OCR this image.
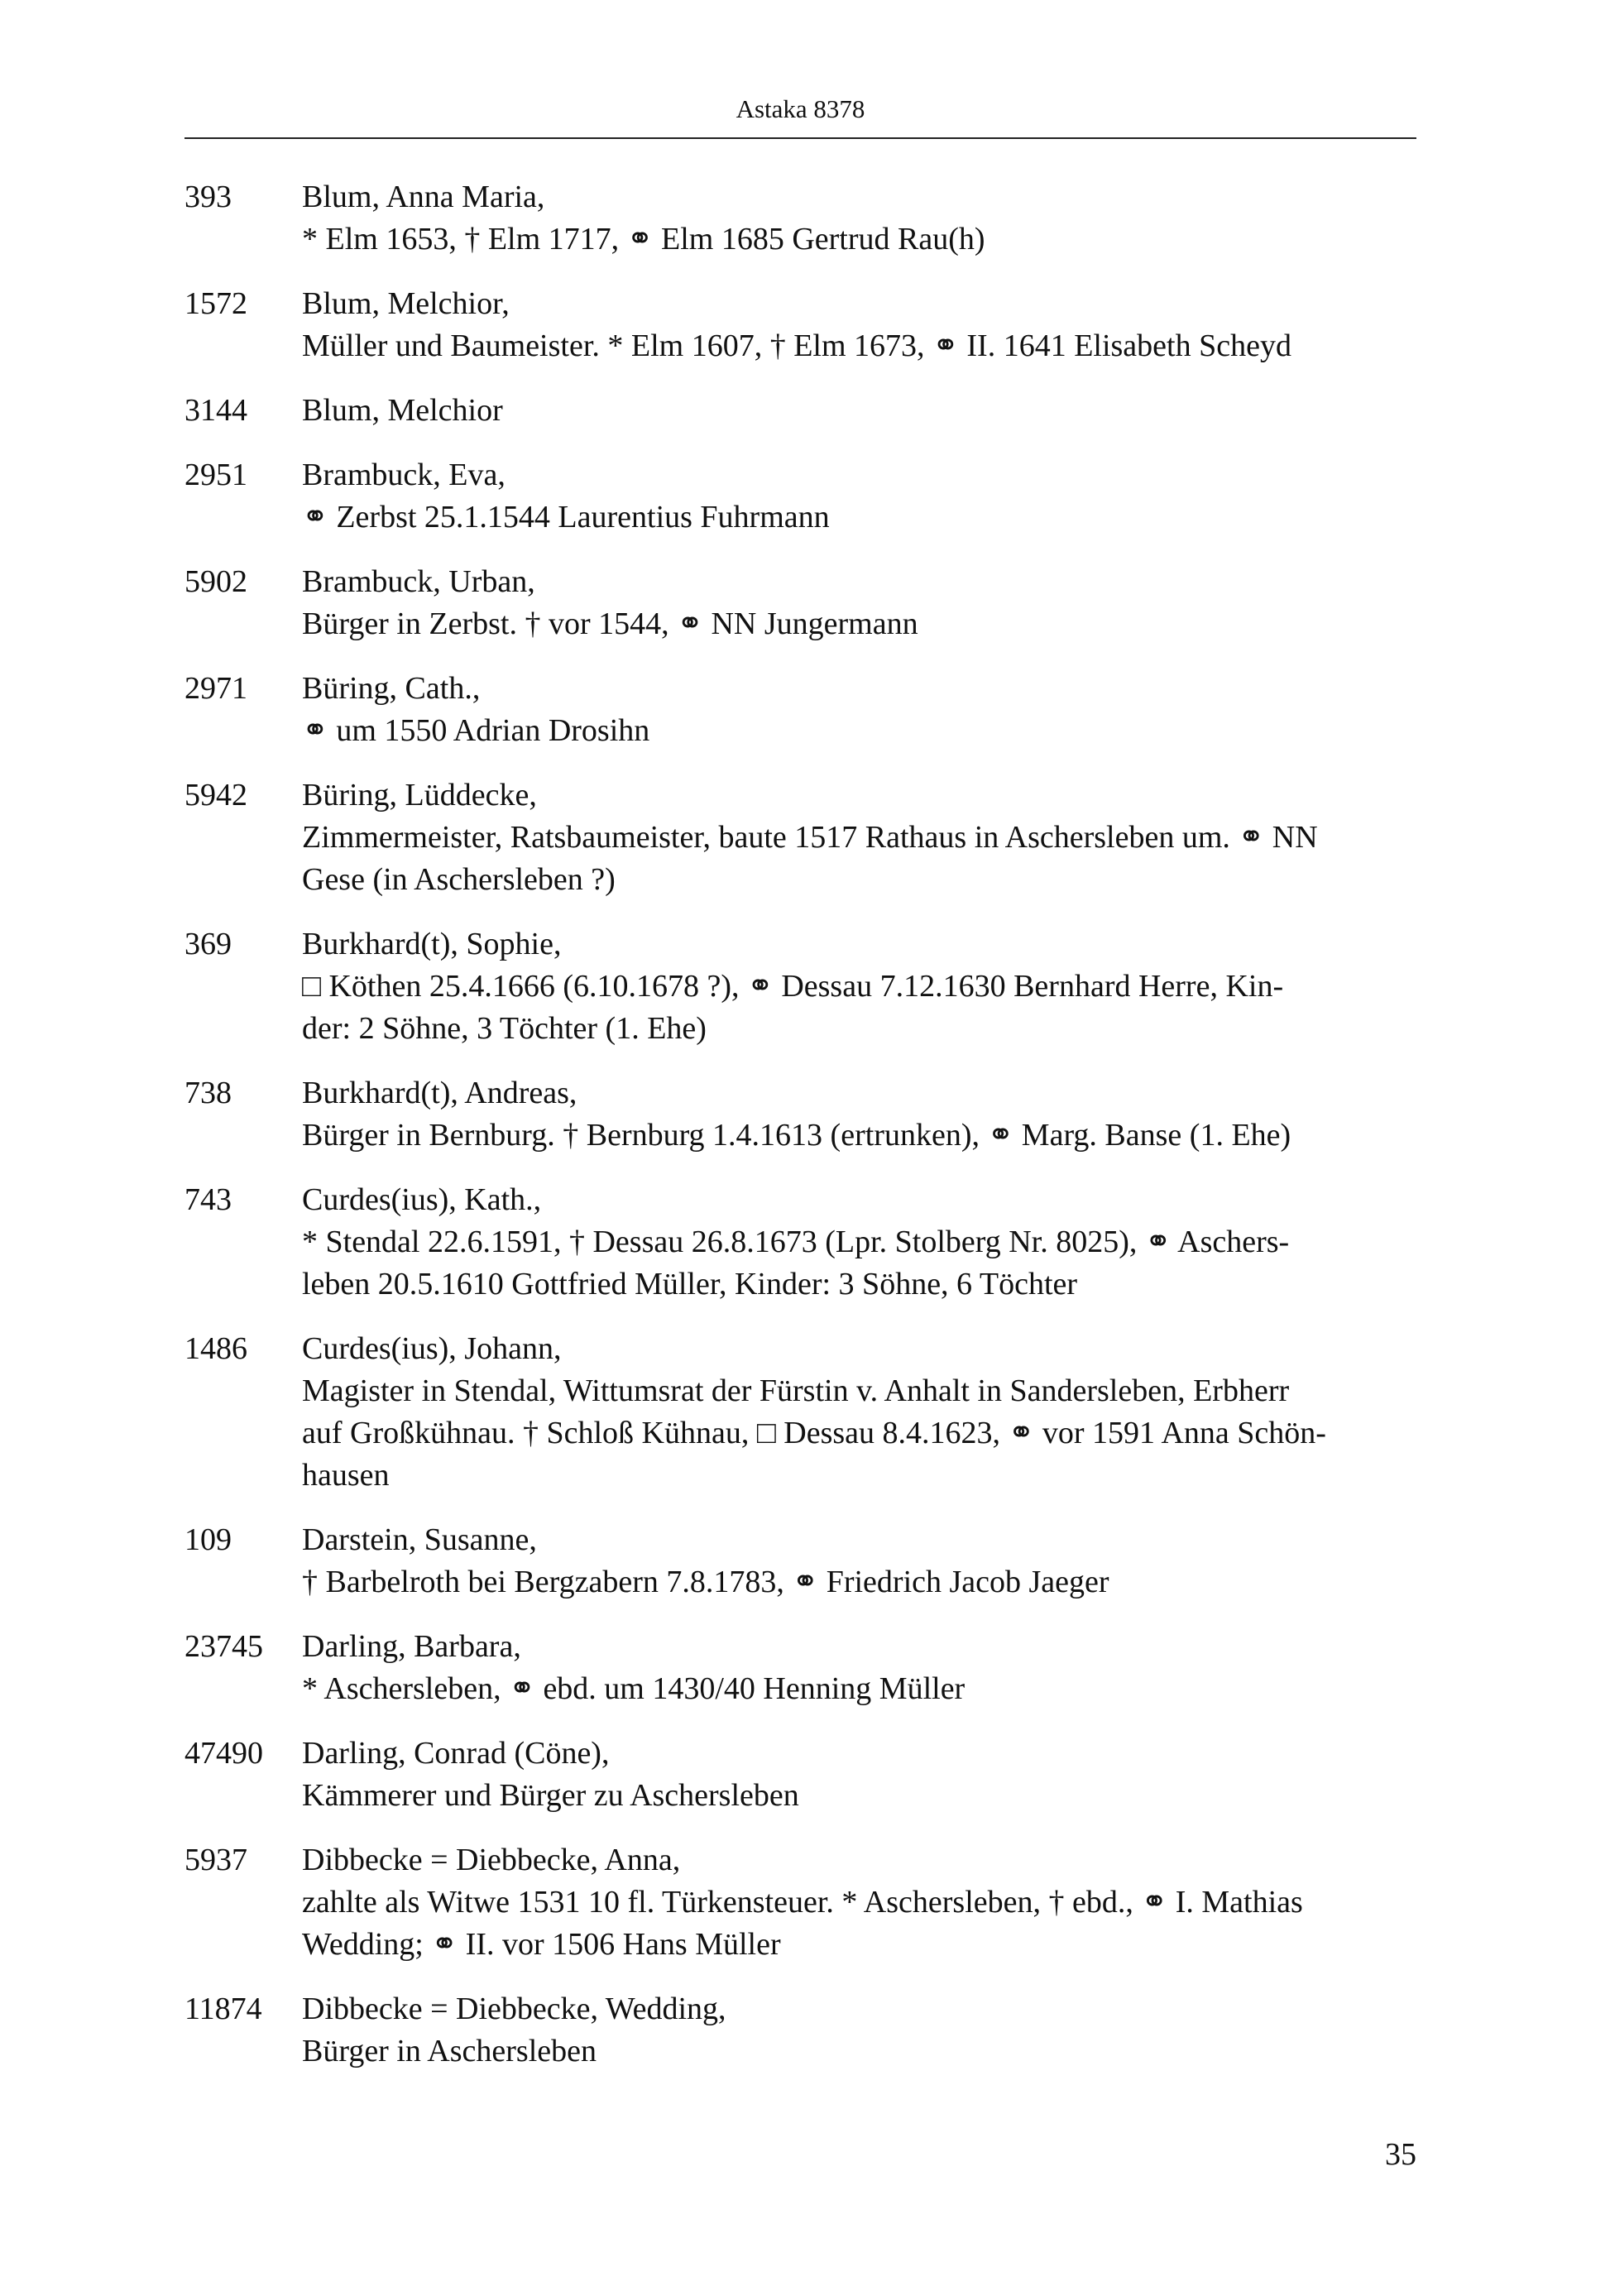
Astaka 8378
393	Blum, Anna Maria,
* Elm 1653, † Elm 1717, ⚭ Elm 1685 Gertrud Rau(h)
1572	Blum, Melchior,
Müller und Baumeister. * Elm 1607, † Elm 1673, ⚭ II. 1641 Elisabeth Scheyd
3144	Blum, Melchior
2951	Brambuck, Eva,
⚭ Zerbst 25.1.1544 Laurentius Fuhrmann
5902	Brambuck, Urban,
Bürger in Zerbst. † vor 1544, ⚭ NN Jungermann
2971	Büring, Cath.,
⚭ um 1550 Adrian Drosihn
5942	Büring, Lüddecke,
Zimmermeister, Ratsbaumeister, baute 1517 Rathaus in Aschersleben um. ⚭ NN
Gese (in Aschersleben ?)
369	Burkhard(t), Sophie,
□ Köthen 25.4.1666 (6.10.1678 ?), ⚭ Dessau 7.12.1630 Bernhard Herre, Kin-
der: 2 Söhne, 3 Töchter (1. Ehe)
738	Burkhard(t), Andreas,
Bürger in Bernburg. † Bernburg 1.4.1613 (ertrunken), ⚭ Marg. Banse (1. Ehe)
743	Curdes(ius), Kath.,
* Stendal 22.6.1591, † Dessau 26.8.1673 (Lpr. Stolberg Nr. 8025), ⚭ Aschers-
leben 20.5.1610 Gottfried Müller, Kinder: 3 Söhne, 6 Töchter
1486	Curdes(ius), Johann,
Magister in Stendal, Wittumsrat der Fürstin v. Anhalt in Sandersleben, Erbherr
auf Großkühnau. † Schloß Kühnau, □ Dessau 8.4.1623, ⚭ vor 1591 Anna Schön-
hausen
109	Darstein, Susanne,
† Barbelroth bei Bergzabern 7.8.1783, ⚭ Friedrich Jacob Jaeger
23745	Darling, Barbara,
* Aschersleben, ⚭ ebd. um 1430/40 Henning Müller
47490	Darling, Conrad (Cöne),
Kämmerer und Bürger zu Aschersleben
5937	Dibbecke = Diebbecke, Anna,
zahlte als Witwe 1531 10 fl. Türkensteuer. * Aschersleben, † ebd., ⚭ I. Mathias
Wedding; ⚭ II. vor 1506 Hans Müller
11874	Dibbecke = Diebbecke, Wedding,
Bürger in Aschersleben
35
